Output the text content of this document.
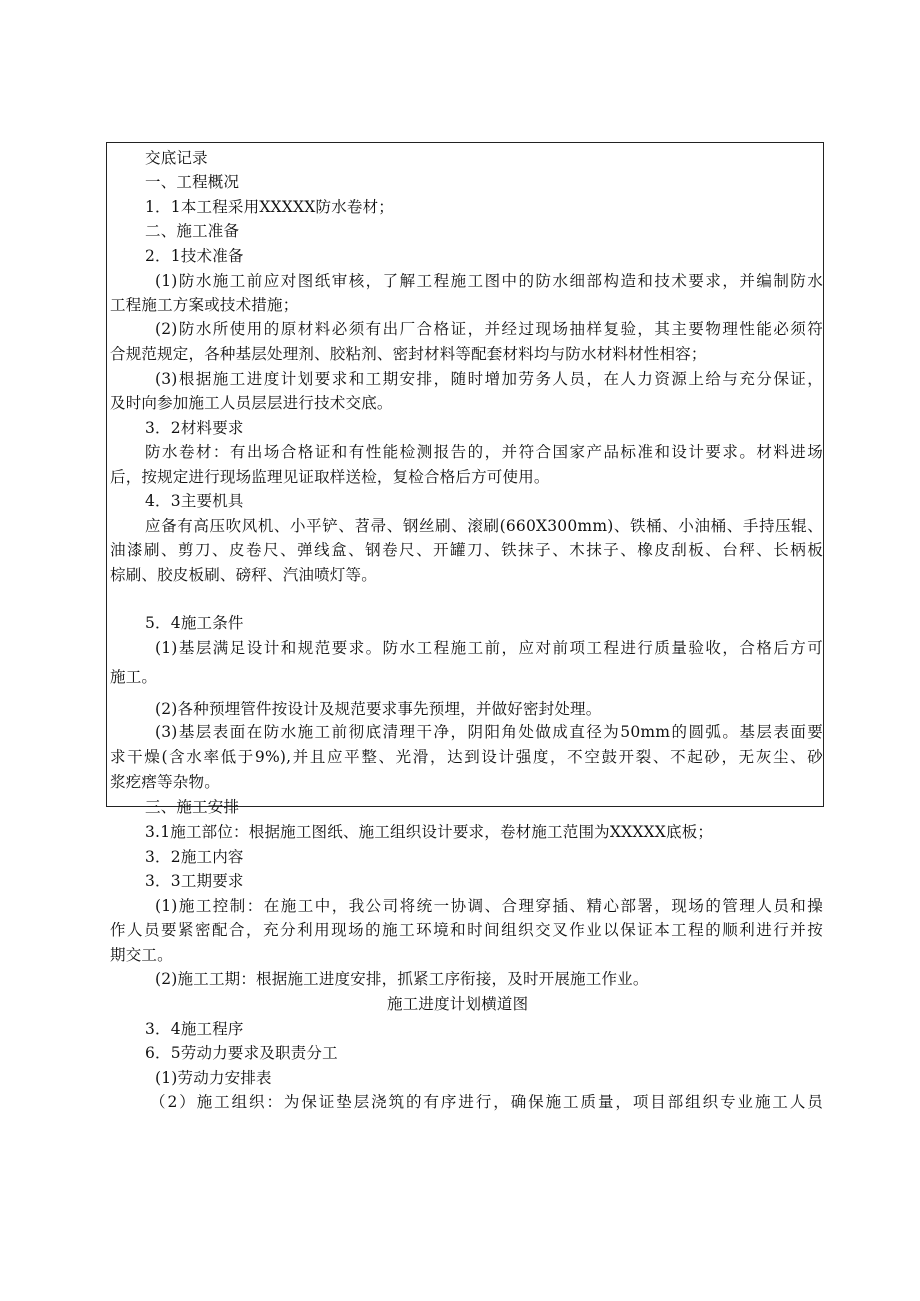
交底记录

一、工程概况

1．1本工程采用XXXXX防水卷材；

二、施工准备

2．1技术准备

(1)防水施工前应对图纸审核，了解工程施工图中的防水细部构造和技术要求，并编制防水

工程施工方案或技术措施；

(2)防水所使用的原材料必须有出厂合格证，并经过现场抽样复验，其主要物理性能必须符

合规范规定，各种基层处理剂、胶粘剂、密封材料等配套材料均与防水材料材性相容；

(3)根据施工进度计划要求和工期安排，随时增加劳务人员，在人力资源上给与充分保证，

及时向参加施工人员层层进行技术交底。

3．2材料要求

防水卷材：有出场合格证和有性能检测报告的，并符合国家产品标准和设计要求。材料进场

后，按规定进行现场监理见证取样送检，复检合格后方可使用。

4．3主要机具

应备有高压吹风机、小平铲、苕帚、钢丝刷、滚刷(660X300mm)、铁桶、小油桶、手持压辊、

油漆刷、剪刀、皮卷尺、弹线盒、钢卷尺、开罐刀、铁抹子、木抹子、橡皮刮板、台秤、长柄板

棕刷、胶皮板刷、磅秤、汽油喷灯等。

5．4施工条件

(1)基层满足设计和规范要求。防水工程施工前，应对前项工程进行质量验收，合格后方可

施工。

(2)各种预埋管件按设计及规范要求事先预埋，并做好密封处理。

(3)基层表面在防水施工前彻底清理干净，阴阳角处做成直径为50mm的圆弧。基层表面要

求干燥(含水率低于9%),并且应平整、光滑，达到设计强度，不空鼓开裂、不起砂，无灰尘、砂

浆疙瘩等杂物。

三、施工安排

3.1施工部位：根据施工图纸、施工组织设计要求，卷材施工范围为XXXXX底板；

3．2施工内容

3．3工期要求

(1)施工控制：在施工中，我公司将统一协调、合理穿插、精心部署，现场的管理人员和操

作人员要紧密配合，充分利用现场的施工环境和时间组织交叉作业以保证本工程的顺利进行并按

期交工。

(2)施工工期：根据施工进度安排，抓紧工序衔接，及时开展施工作业。

施工进度计划横道图

3．4施工程序

6．5劳动力要求及职责分工

(1)劳动力安排表

（2）施工组织：为保证垫层浇筑的有序进行，确保施工质量，项目部组织专业施工人员
